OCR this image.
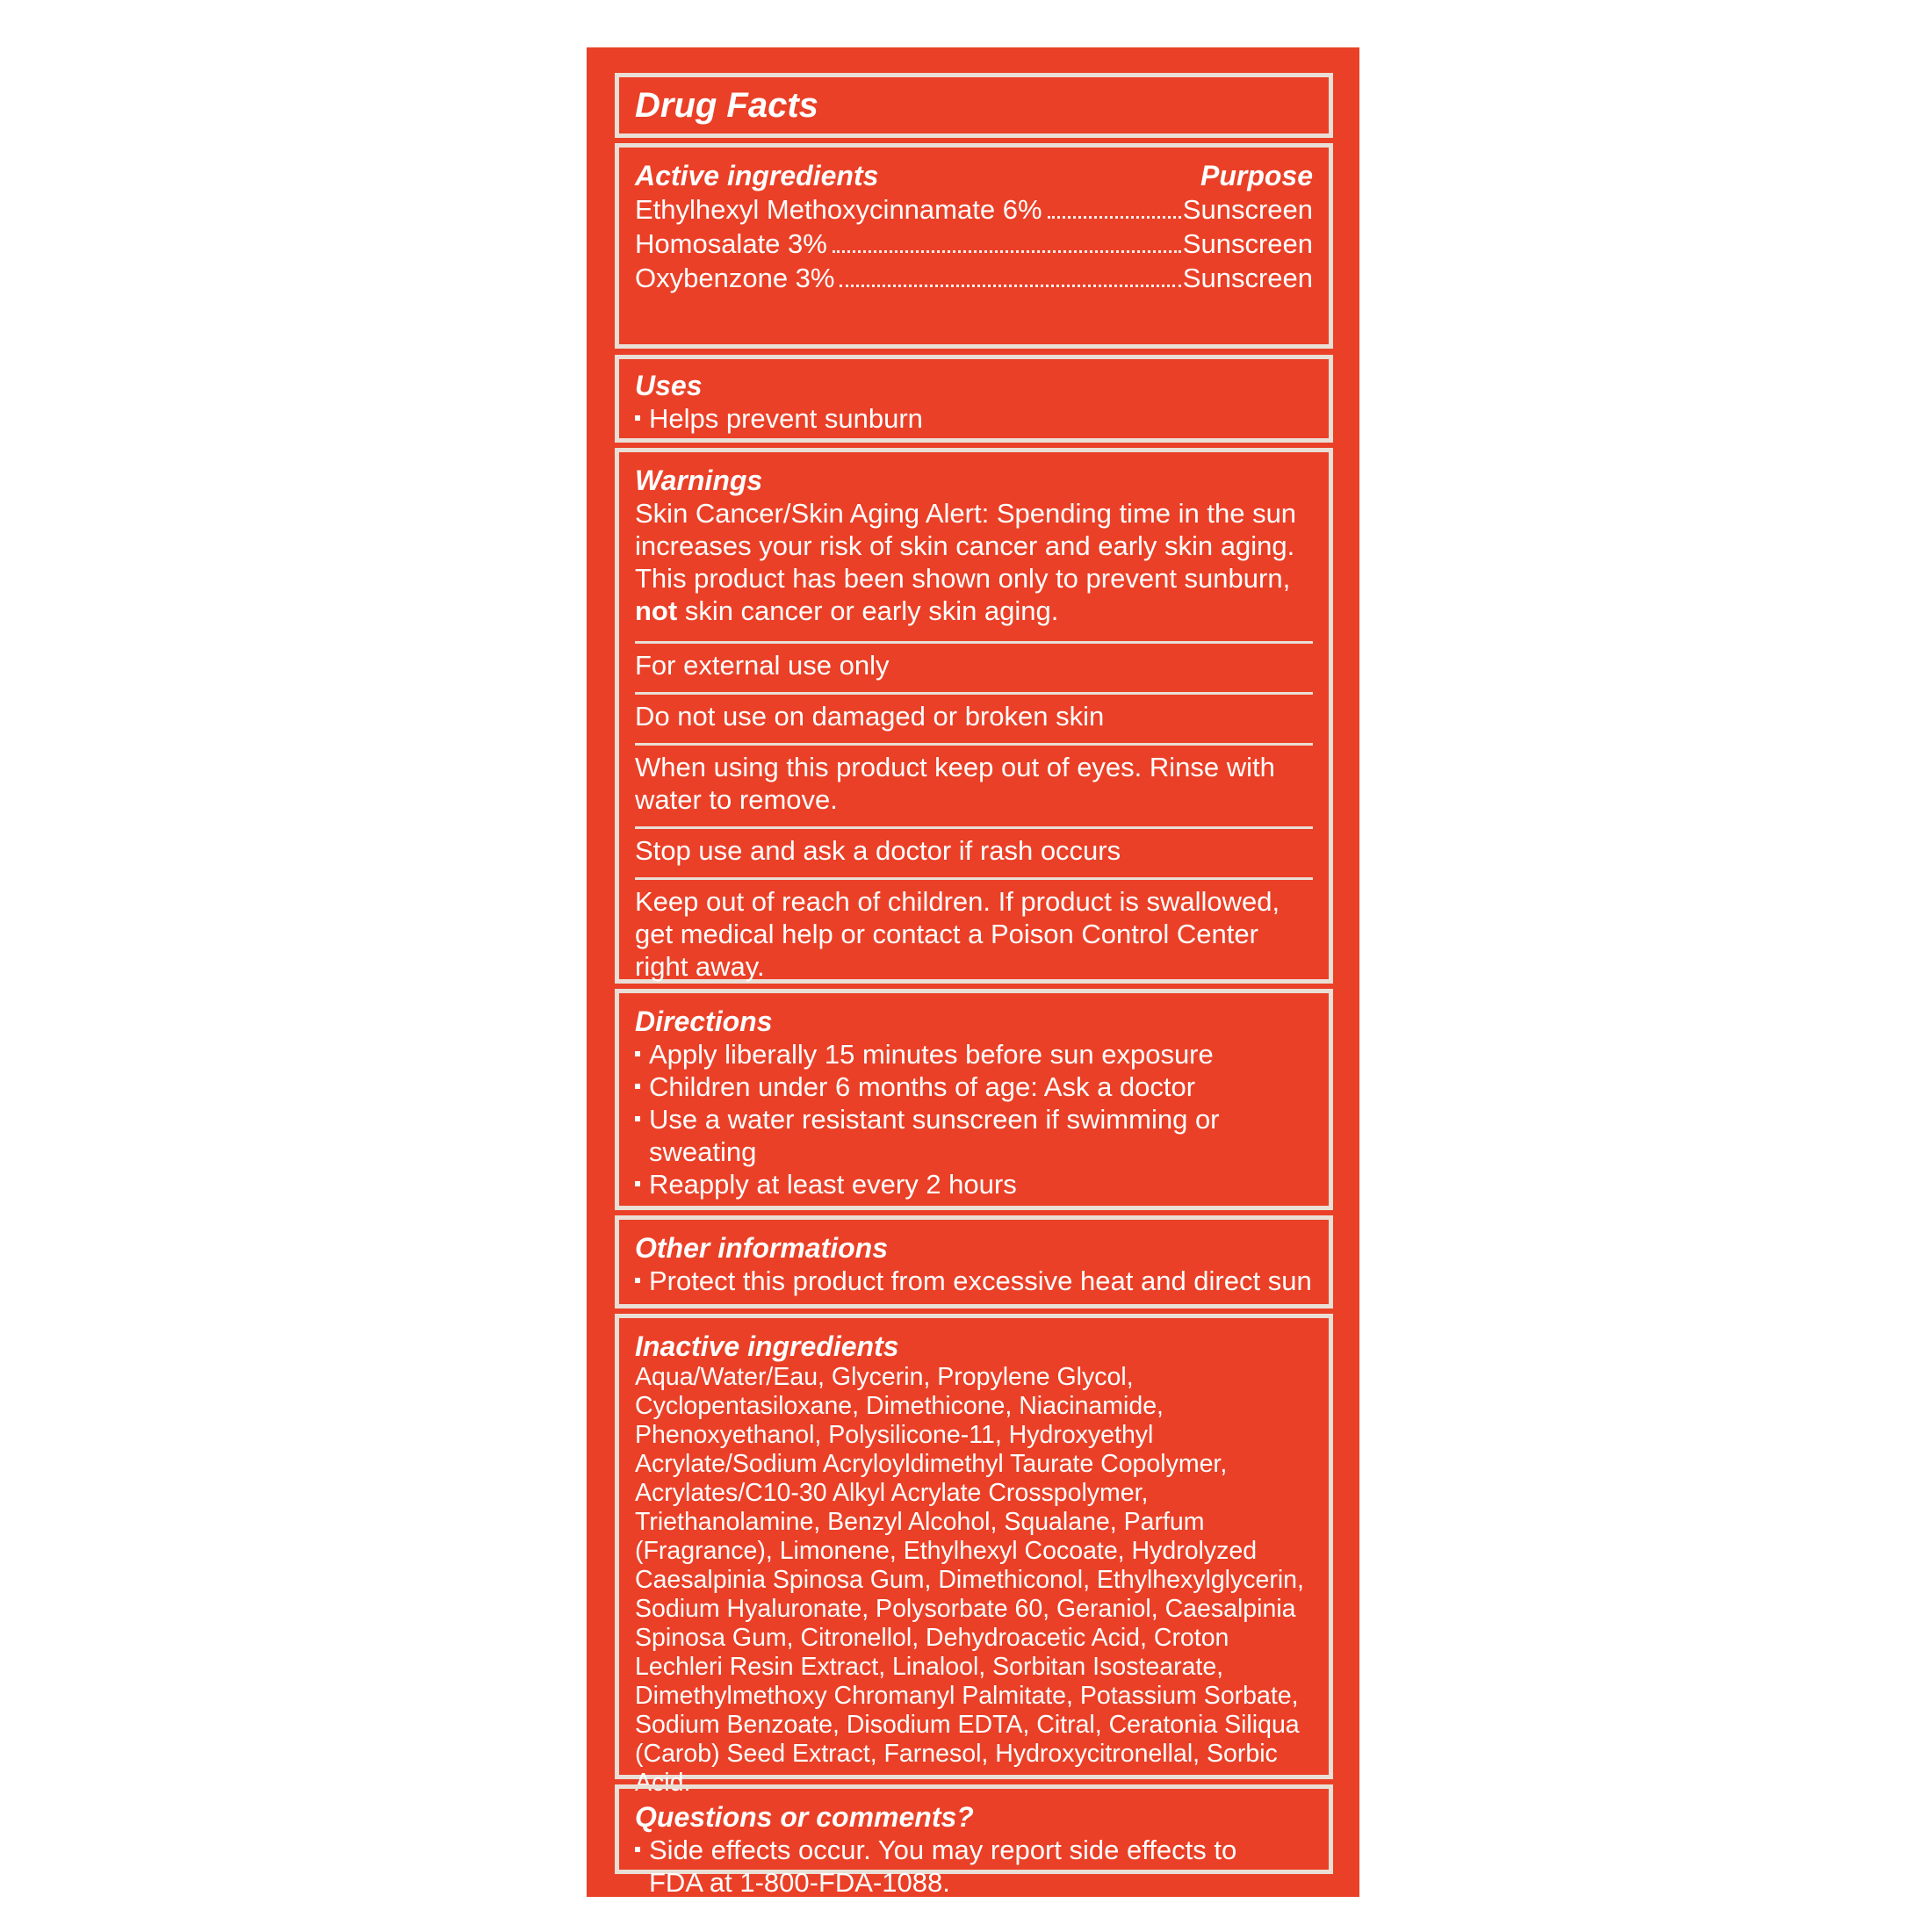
Drug Facts
Active ingredients	Purpose
Ethylhexyl Methoxycinnamate 6%	Sunscreen
Homosalate 3%	Sunscreen
Oxybenzone 3%	Sunscreen
Uses
Helps prevent sunburn
Warnings
Skin Cancer/Skin Aging Alert: Spending time in the sun increases your risk of skin cancer and early skin aging. This product has been shown only to prevent sunburn, not skin cancer or early skin aging.
For external use only
Do not use on damaged or broken skin
When using this product keep out of eyes. Rinse with water to remove.
Stop use and ask a doctor if rash occurs
Keep out of reach of children. If product is swallowed, get medical help or contact a Poison Control Center right away.
Directions
Apply liberally 15 minutes before sun exposure
Children under 6 months of age: Ask a doctor
Use a water resistant sunscreen if swimming or sweating
Reapply at least every 2 hours
Other informations
Protect this product from excessive heat and direct sun
Inactive ingredients
Aqua/Water/Eau, Glycerin, Propylene Glycol, Cyclopentasiloxane, Dimethicone, Niacinamide, Phenoxyethanol, Polysilicone-11, Hydroxyethyl Acrylate/Sodium Acryloyldimethyl Taurate Copolymer, Acrylates/C10-30 Alkyl Acrylate Crosspolymer, Triethanolamine, Benzyl Alcohol, Squalane, Parfum (Fragrance), Limonene, Ethylhexyl Cocoate, Hydrolyzed Caesalpinia Spinosa Gum, Dimethiconol, Ethylhexylglycerin, Sodium Hyaluronate, Polysorbate 60, Geraniol, Caesalpinia Spinosa Gum, Citronellol, Dehydroacetic Acid, Croton Lechleri Resin Extract, Linalool, Sorbitan Isostearate, Dimethylmethoxy Chromanyl Palmitate, Potassium Sorbate, Sodium Benzoate, Disodium EDTA, Citral, Ceratonia Siliqua (Carob) Seed Extract, Farnesol, Hydroxycitronellal, Sorbic Acid.
Questions or comments?
Side effects occur. You may report side effects to FDA at 1-800-FDA-1088.
